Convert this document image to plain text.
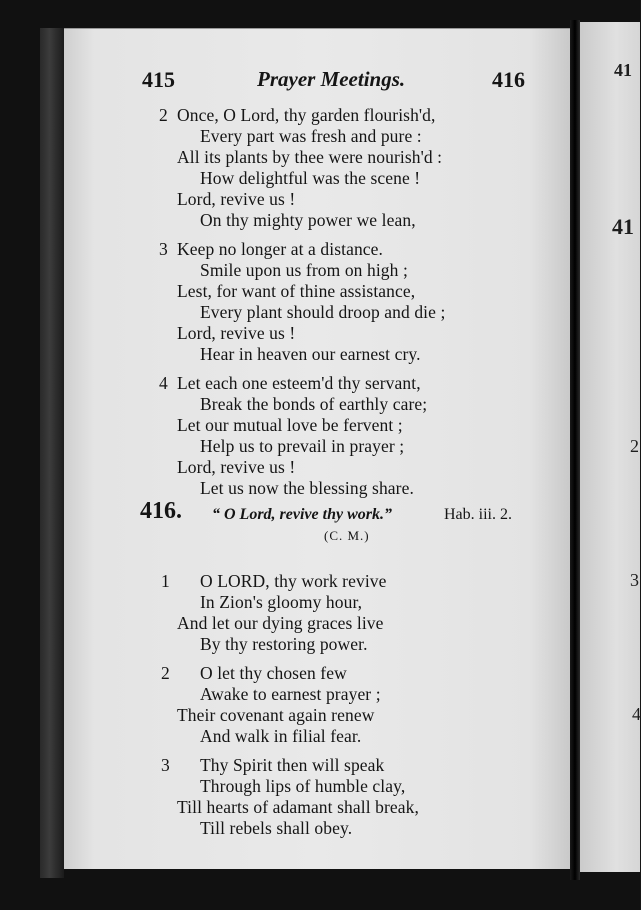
415	Prayer Meetings.	416
2 Once, O Lord, thy garden flourish'd,
Every part was fresh and pure :
All its plants by thee were nourish'd :
How delightful was the scene !
Lord, revive us !
On thy mighty power we lean,
3 Keep no longer at a distance.
Smile upon us from on high ;
Lest, for want of thine assistance,
Every plant should droop and die ;
Lord, revive us !
Hear in heaven our earnest cry.
4 Let each one esteem'd thy servant,
Break the bonds of earthly care;
Let our mutual love be fervent ;
Help us to prevail in prayer ;
Lord, revive us !
Let us now the blessing share.
416. “ O Lord, revive thy work.”	Hab. iii. 2.
(C. M.)
1 O LORD, thy work revive
In Zion's gloomy hour,
And let our dying graces live
By thy restoring power.
2 O let thy chosen few
Awake to earnest prayer ;
Their covenant again renew
And walk in filial fear.
3 Thy Spirit then will speak
Through lips of humble clay,
Till hearts of adamant shall break,
Till rebels shall obey.
41
41
2
3
4
